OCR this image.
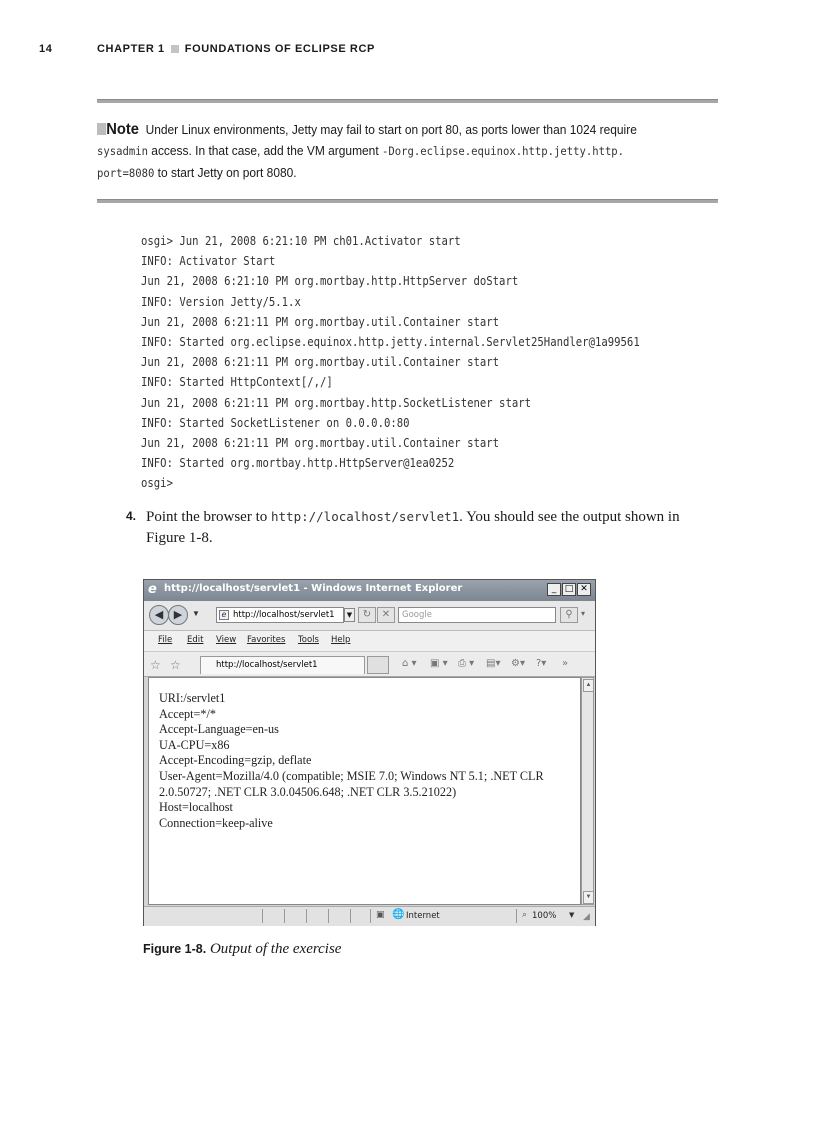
14	CHAPTER 1 FOUNDATIONS OF ECLIPSE RCP
Note Under Linux environments, Jetty may fail to start on port 80, as ports lower than 1024 require
sysadmin access. In that case, add the VM argument -Dorg.eclipse.equinox.http.jetty.http.
port=8080 to start Jetty on port 8080.
osgi> Jun 21, 2008 6:21:10 PM ch01.Activator start
INFO: Activator Start
Jun 21, 2008 6:21:10 PM org.mortbay.http.HttpServer doStart
INFO: Version Jetty/5.1.x
Jun 21, 2008 6:21:11 PM org.mortbay.util.Container start
INFO: Started org.eclipse.equinox.http.jetty.internal.Servlet25Handler@1a99561
Jun 21, 2008 6:21:11 PM org.mortbay.util.Container start
INFO: Started HttpContext[/,/]
Jun 21, 2008 6:21:11 PM org.mortbay.http.SocketListener start
INFO: Started SocketListener on 0.0.0.0:80
Jun 21, 2008 6:21:11 PM org.mortbay.util.Container start
INFO: Started org.mortbay.http.HttpServer@1ea0252
osgi>
4. Point the browser to http://localhost/servlet1. You should see the output shown in
Figure 1-8.
e http://localhost/servlet1 - Windows Internet Explorer	_ □ ✕
◀ ▶	▼	e http://localhost/servlet1	▼	↻	✕	Google	⚲	▾
File Edit View Favorites Tools Help
☆ ☆	http://localhost/servlet1	⌂ ▾ ▣ ▾ ⎙ ▾ ▤▾ ⚙▾ ?▾ »
URI:/servlet1
Accept=*/*
Accept-Language=en-us
UA-CPU=x86
Accept-Encoding=gzip, deflate
User-Agent=Mozilla/4.0 (compatible; MSIE 7.0; Windows NT 5.1; .NET CLR
2.0.50727; .NET CLR 3.0.04506.648; .NET CLR 3.5.21022)
Host=localhost
Connection=keep-alive
▲
▼
▣ 🌐 Internet	⌕ 100% ▼ ◢
Figure 1-8. Output of the exercise
